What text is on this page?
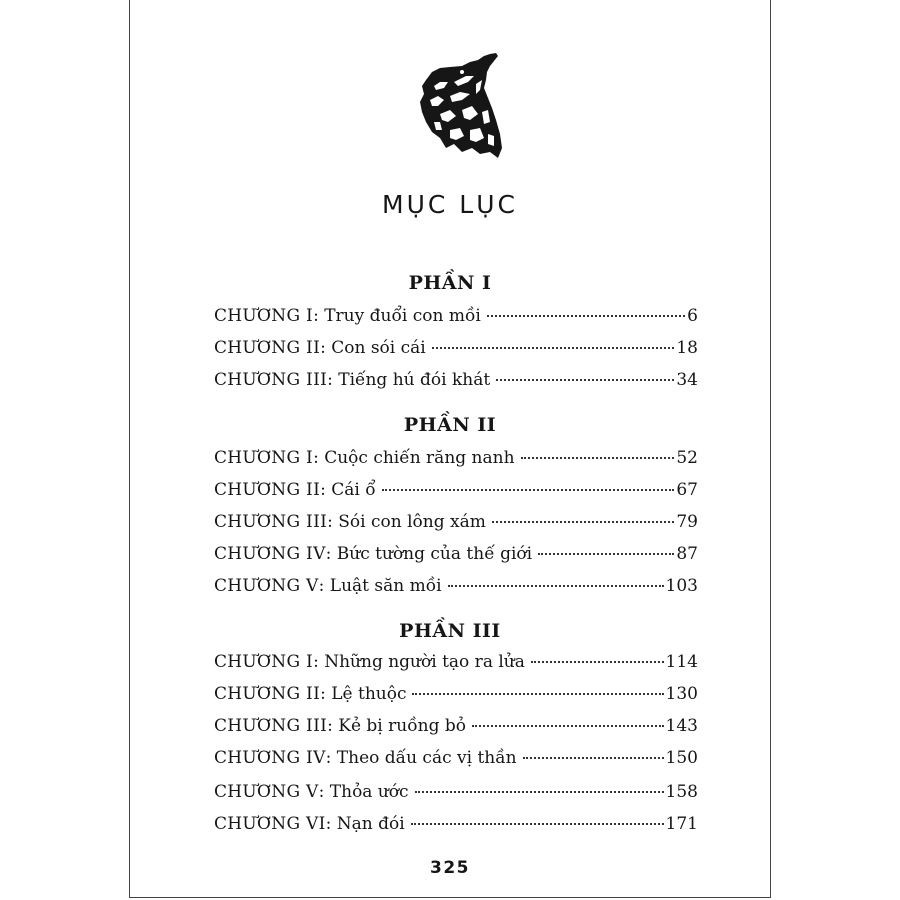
MỤC LỤC
PHẦN I
CHƯƠNG I: Truy đuổi con mồi	6
CHƯƠNG II: Con sói cái	18
CHƯƠNG III: Tiếng hú đói khát	34
PHẦN II
CHƯƠNG I: Cuộc chiến răng nanh	52
CHƯƠNG II: Cái ổ	67
CHƯƠNG III: Sói con lông xám	79
CHƯƠNG IV: Bức tường của thế giới	87
CHƯƠNG V: Luật săn mồi	103
PHẦN III
CHƯƠNG I: Những người tạo ra lửa	114
CHƯƠNG II: Lệ thuộc	130
CHƯƠNG III: Kẻ bị ruồng bỏ	143
CHƯƠNG IV: Theo dấu các vị thần	150
CHƯƠNG V: Thỏa ước	158
CHƯƠNG VI: Nạn đói	171
325
